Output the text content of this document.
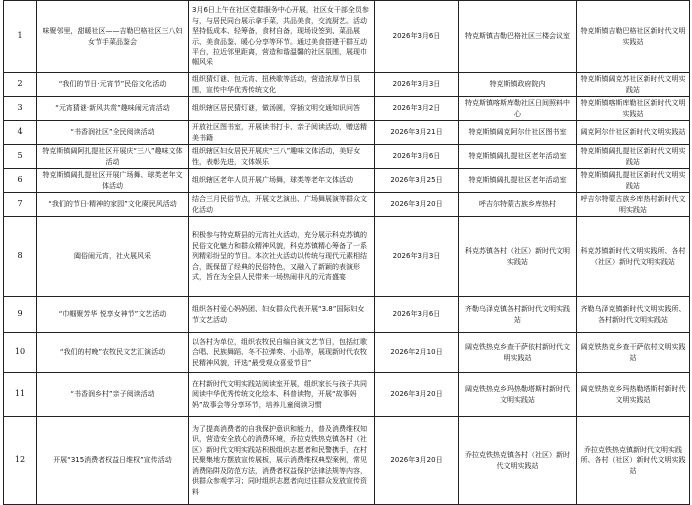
1	味聚邻里，甜暖社区——吉勒巴格社区三八妇女节手菜品鉴会	3月6日上午在社区党群服务中心开展，社区女干部全员参与，与居民同台展示拿手菜，共品美食，交流厨艺。活动坚持低成本、轻筹备，食材自备，现场设签到、菜品展示、美食品鉴、暖心分享等环节。通过美食搭建干群互动平台，拉近邻里距离，营造和谐温馨的社区氛围，展现巾帼风采	2026年3月6日	特克斯镇吉勒巴格社区三楼会议室	特克斯镇吉勒巴格社区新时代文明实践站
2	“我们的节日·元宵节”民俗文化活动	组织猜灯谜、包元宵、扭秧歌等活动，营造浓厚节日氛围，宣传中华优秀传统文化	2026年3月3日	特克斯镇政府院内	特克斯镇阔克苏社区新时代文明实践站
3	“元宵猜谜·新风共赏”趣味闹元宵活动	组织辖区居民猜灯谜，做汤圆，穿插文明交通知识问答	2026年3月2日	特克斯镇喀斯库勒社区日间照料中心	特克斯镇喀斯库勒社区新时代文明实践站
4	“书香润社区”全民阅读活动	开放社区图书室，开展读书打卡、亲子阅读活动，赠送精美书籍	2026年3月21日	特克斯镇阔克阿尔什社区图书室	阔克阿尔什社区新时代文明实践站
5	特克斯镇阔阿扎提社区开展庆“三八”趣味文体活动	组织辖区妇女居民开展庆“三八”趣味文体活动，美好女性，表彰先进，文体娱乐	2026年3月6日	特克斯镇阔扎提社区老年活动室	特克斯镇阔扎提社区新时代文明实践站
6	特克斯镇阔扎提社区开展广场舞、球类老年文体活动	组织辖区老年人员开展广场舞，球类等老年文体活动	2026年3月25日	特克斯镇阔扎提社区老年活动室	特克斯镇阔扎提社区新时代文明实践站
7	“我们的节日·精神的家园”文化赓民风活动	结合三月民俗节点，开展文艺演出、广场舞展演等群众文化活动	2026年3月20日	呼吉尔特蒙古族乡库热村	呼吉尔特蒙古族乡库热村新时代文明实践站
8	阖俗闹元宵，社火展风采	积极参与特克斯县的元宵社火活动，充分展示科克苏镇的民俗文化魅力和群众精神风貌，科克苏镇精心筹备了一系列精彩纷呈的节目。本次社火活动以传统与现代元素相结合，既保留了经典的民俗特色，又融入了新颖的表演形式，旨在为全县人民带来一场热闹非凡的元宵盛宴	2026年3月3日	科克苏镇各村（社区）新时代文明实践站	科克苏镇新时代文明实践所、各村（社区）新时代文明实践站
9	“巾帼聚芳华 悦享女神节”文艺活动	组织各村爱心妈妈团、妇女群众代表开展“3.8”国际妇女节文艺活动	2026年3月6日	齐勒乌泽克镇各村新时代文明实践站	齐勒乌泽克镇新时代文明实践所、各村新时代文明实践站
10	“我们的村晚”农牧民文艺汇演活动	以各村为单位，组织农牧民自编自演文艺节目，包括红歌合唱、民族舞蹈、冬不拉弹奏、小品等，展现新时代农牧民精神风貌，评选“最受观众喜爱节目”	2026年2月10日	阔克铁热克乡查干萨依村新时代文明实践站	阔克铁热克乡查干萨依村文明实践站
11	“书香润乡村”亲子阅读活动	在村新时代文明实践站阅读室开展，组织家长与孩子共同阅读中华优秀传统文化绘本、科普读物，开展“故事妈妈”故事会等分享环节，培养儿童阅读习惯	2026年3月20日	阔克铁热克乡玛热勒塔斯村新时代文明实践站	阔克铁热克乡玛热勒塔斯村新时代文明实践站
12	开展“315消费者权益日维权”宣传活动	为了提高消费者的自我保护意识和能力，普及消费维权知识，营造安全放心的消费环境，乔拉克铁热克镇各村（社区）新时代文明实践站积极组织志愿者和民警携手，在村民聚集地方摆放宣传展板，展示消费维权典型案例，常见消费陷阱及防范方法，消费者权益保护法律法规等内容，供群众参观学习；同时组织志愿者向过往群众发放宣传资料	2026年3月20日	乔拉克铁热克镇各村（社区）新时代文明实践站	乔拉克铁热克镇新时代文明实践所、各村（社区）新时代文明实践站
